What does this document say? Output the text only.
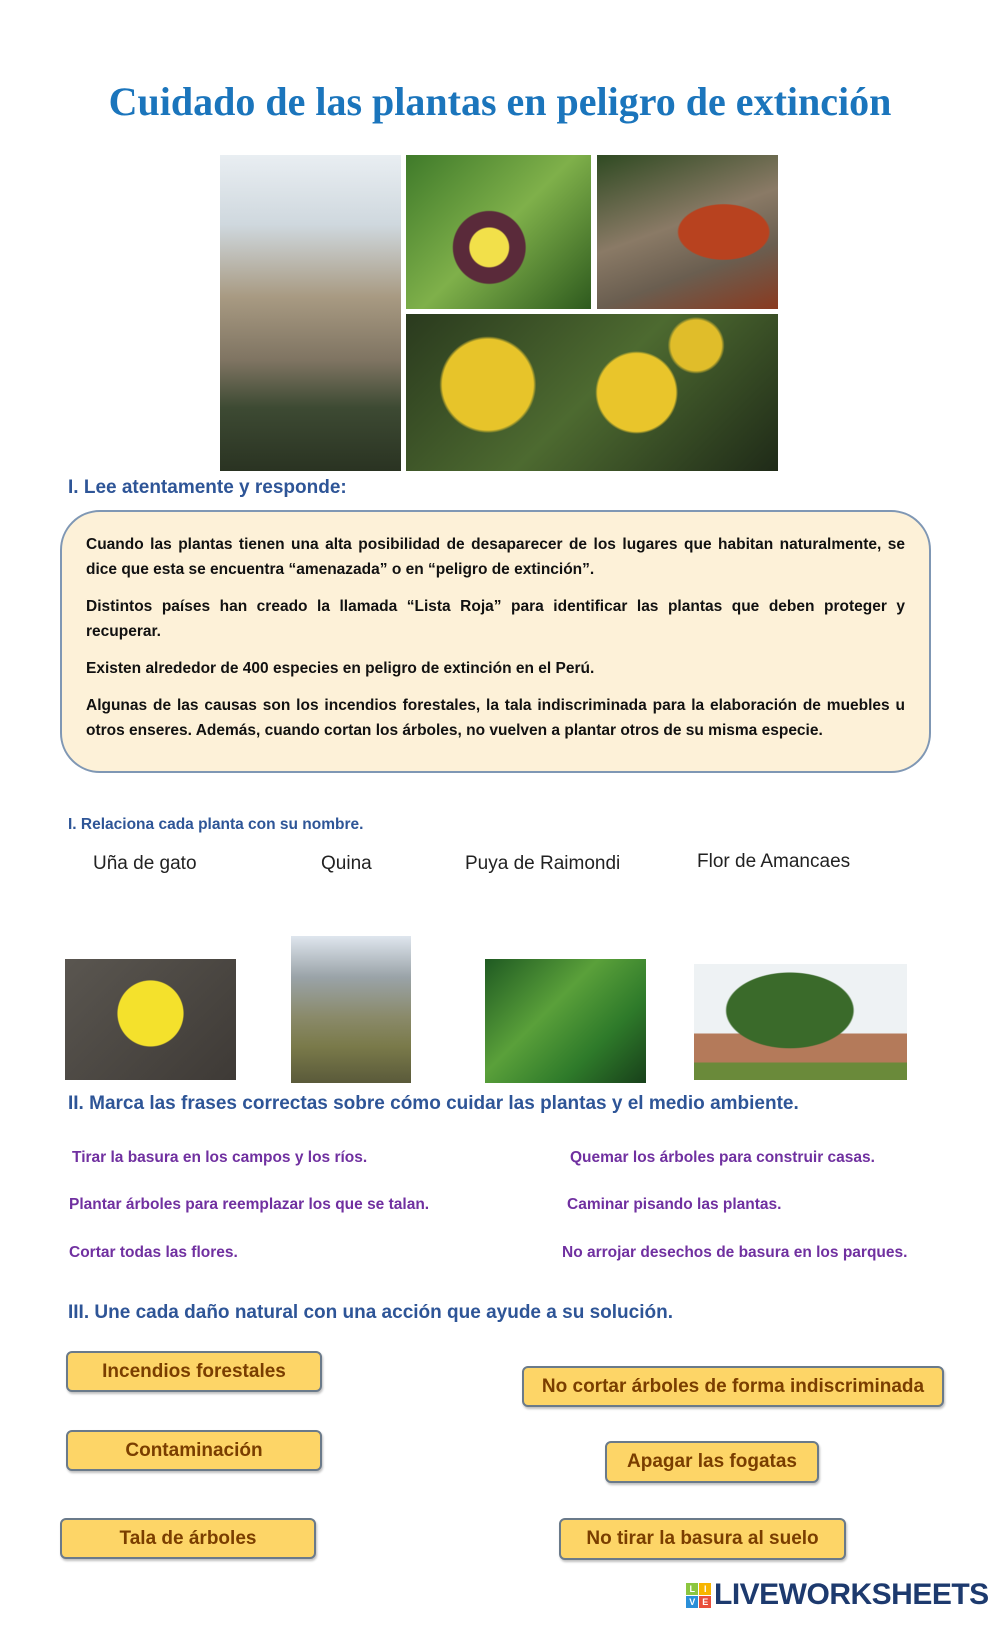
Cuidado de las plantas en peligro de extinción
I. Lee atentamente y responde:

Cuando las plantas tienen una alta posibilidad de desaparecer de los lugares que habitan naturalmente, se dice que esta se encuentra “amenazada” o en “peligro de extinción”.

Distintos países han creado la llamada “Lista Roja” para identificar las plantas que deben proteger y recuperar.

Existen alrededor de 400 especies en peligro de extinción en el Perú.

Algunas de las causas son los incendios forestales, la tala indiscriminada para la elaboración de muebles u otros enseres. Además, cuando cortan los árboles, no vuelven a plantar otros de su misma especie.

I. Relaciona cada planta con su nombre.
Uña de gato	Quina	Puya de Raimondi	Flor de Amancaes
II. Marca las frases correctas sobre cómo cuidar las plantas y el medio ambiente.
Tirar la basura en los campos y los ríos.
Plantar árboles para reemplazar los que se talan.
Cortar todas las flores.
Quemar los árboles para construir casas.
Caminar pisando las plantas.
No arrojar desechos de basura en los parques.
III. Une cada daño natural con una acción que ayude a su solución.
Incendios forestales
Contaminación
Tala de árboles
No cortar árboles de forma indiscriminada
Apagar las fogatas
No tirar la basura al suelo
L	I
V E LIVEWORKSHEETS
